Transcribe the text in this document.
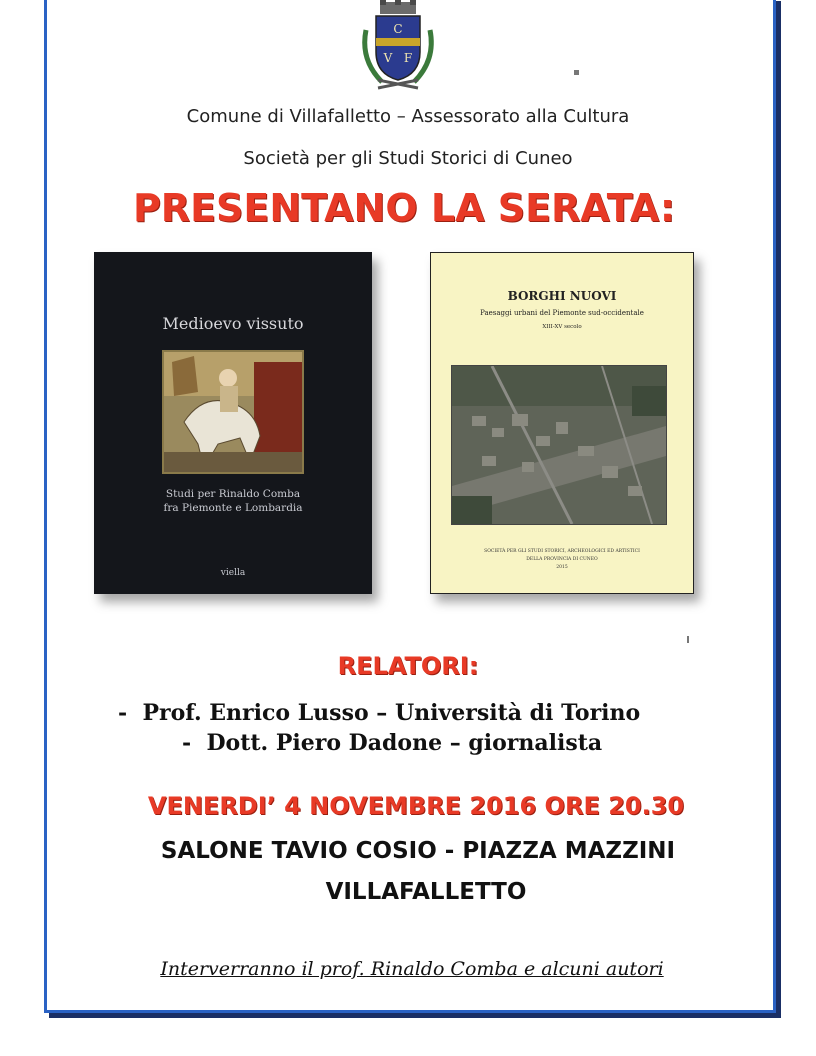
C
V F
Comune di Villafalletto – Assessorato alla Cultura
Società per gli Studi Storici di Cuneo
PRESENTANO LA SERATA:
Medioevo vissuto
Studi per Rinaldo Comba
fra Piemonte e Lombardia
viella
BORGHI NUOVI
Paesaggi urbani del Piemonte sud-occidentale
XIII-XV secolo
SOCIETÀ PER GLI STUDI STORICI, ARCHEOLOGICI ED ARTISTICI
DELLA PROVINCIA DI CUNEO
2015
RELATORI:
- Prof. Enrico Lusso – Università di Torino
- Dott. Piero Dadone – giornalista
VENERDI’ 4 NOVEMBRE 2016 ORE 20.30
SALONE TAVIO COSIO - PIAZZA MAZZINI
VILLAFALLETTO
Interverranno il prof. Rinaldo Comba e alcuni autori
